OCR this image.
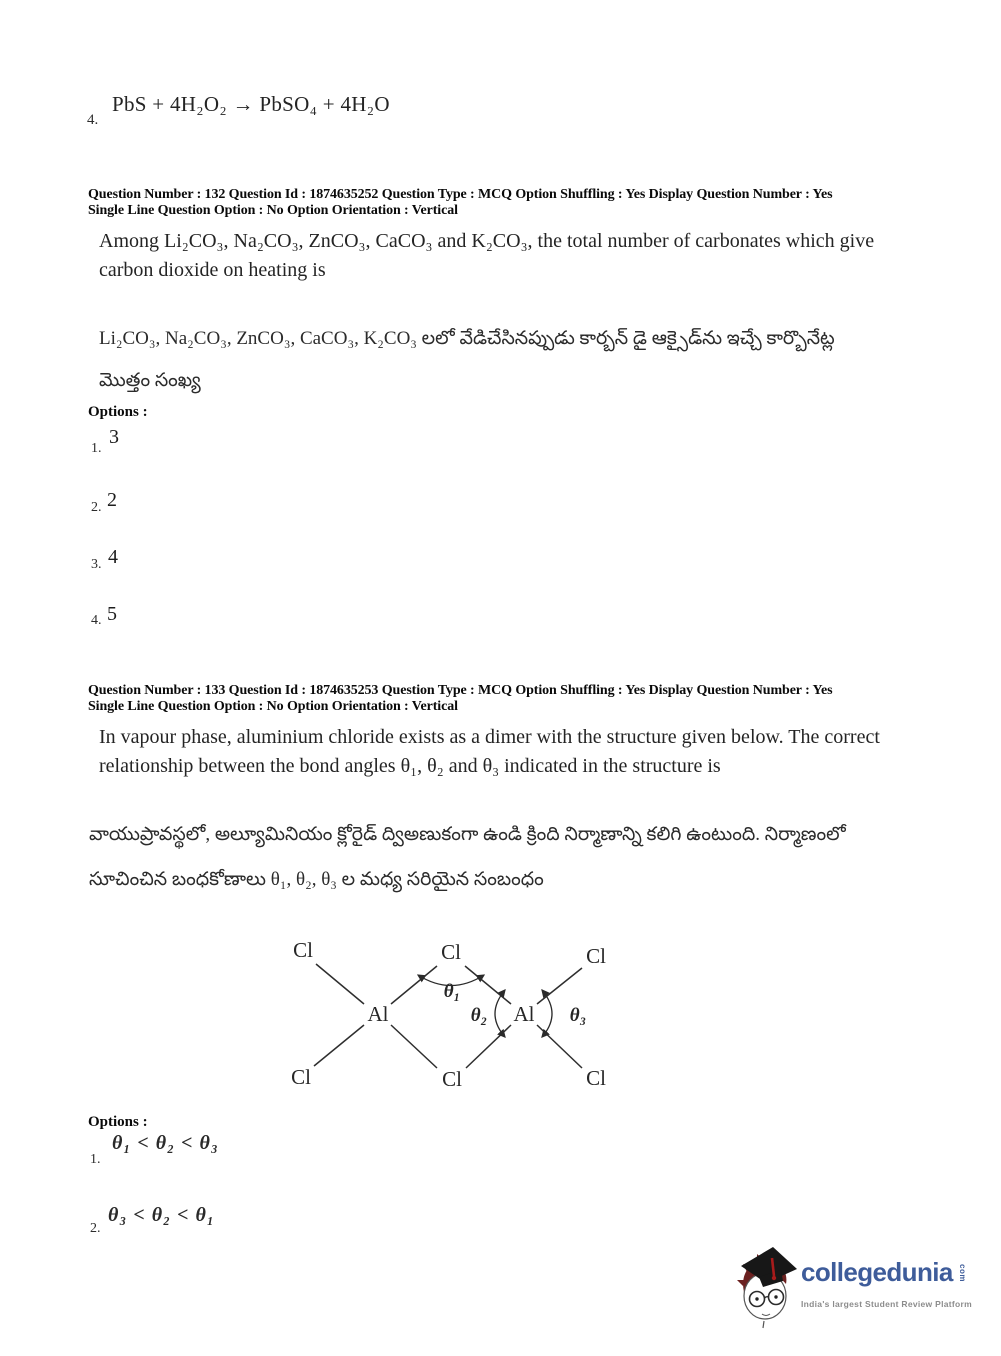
4.
PbS + 4H₂O₂ → PbSO₄ + 4H₂O
Question Number : 132 Question Id : 1874635252 Question Type : MCQ Option Shuffling : Yes Display Question Number : Yes
Single Line Question Option : No Option Orientation : Vertical
Among Li₂CO₃, Na₂CO₃, ZnCO₃, CaCO₃ and K₂CO₃, the total number of carbonates which give carbon dioxide on heating is
Li₂CO₃, Na₂CO₃, ZnCO₃, CaCO₃, K₂CO₃ లలో వేడిచేసినప్పుడు కార్బన్ డై ఆక్సైడ్‌ను ఇచ్చే కార్బొనేట్ల మొత్తం సంఖ్య
Options :
3
1.
2
2.
4
3.
5
4.
Question Number : 133 Question Id : 1874635253 Question Type : MCQ Option Shuffling : Yes Display Question Number : Yes
Single Line Question Option : No Option Orientation : Vertical
In vapour phase, aluminium chloride exists as a dimer with the structure given below. The correct relationship between the bond angles θ₁, θ₂ and θ₃ indicated in the structure is
వాయుప్రావస్థలో, అల్యూమినియం క్లోరైడ్ ద్విఅణుకంగా ఉండి క్రింది నిర్మాణాన్ని కలిగి ఉంటుంది. నిర్మాణంలో సూచించిన బంధకోణాలు θ₁, θ₂, θ₃ ల మధ్య సరియైన సంబంధం
Cl
Cl
Al
Cl
Cl
Al
Cl
Cl
θ₁
θ₂	θ₃
Options :
θ₁ < θ₂ < θ₃
1.
θ₃ < θ₂ < θ₁
2.
collegedunia com
India's largest Student Review Platform
